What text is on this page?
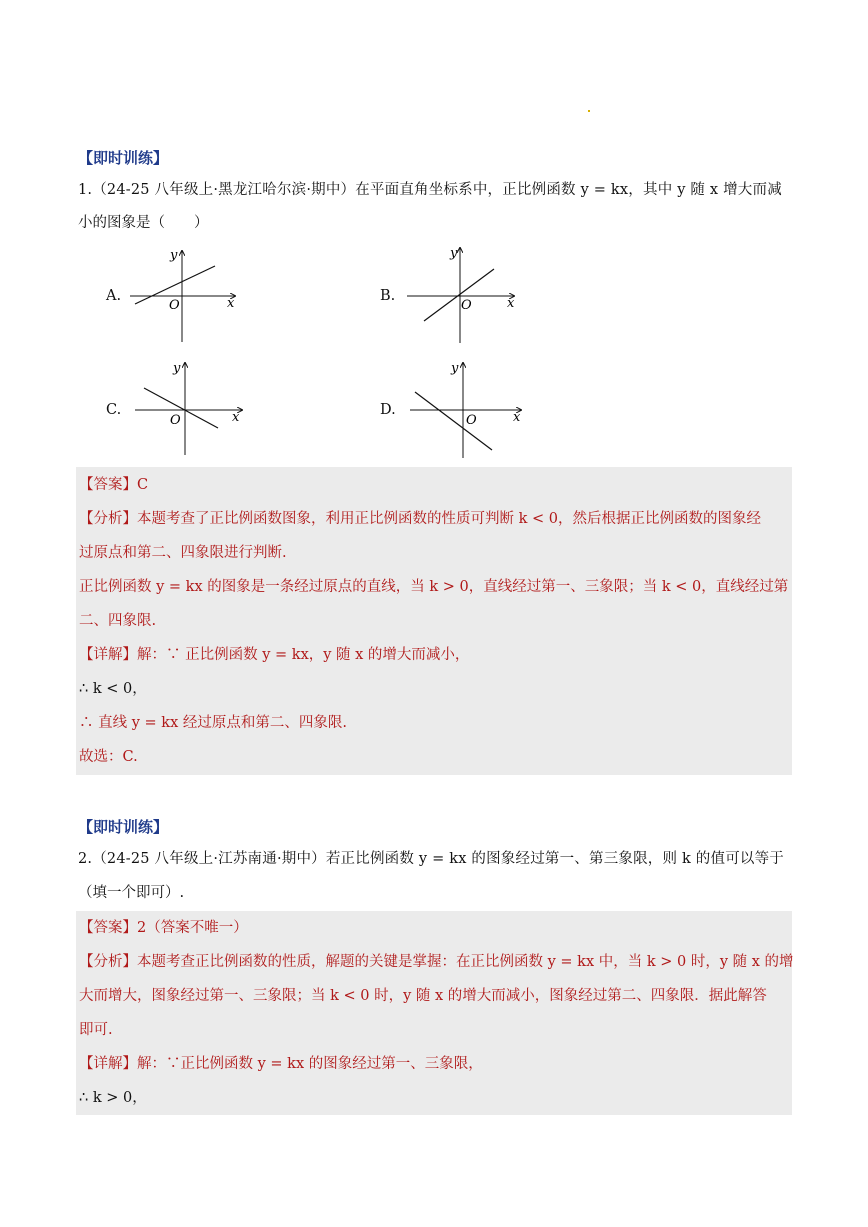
【即时训练】
1.（24-25 八年级上·黑龙江哈尔滨·期中）在平面直角坐标系中，正比例函数 y = kx，其中 y 随 x 增大而减
小的图象是（　　）
A.
y
O	x	B.
y
O	x
C.
y
O	x	D.
y
O	x
【答案】C
【分析】本题考查了正比例函数图象，利用正比例函数的性质可判断 k < 0，然后根据正比例函数的图象经
过原点和第二、四象限进行判断.
正比例函数 y = kx 的图象是一条经过原点的直线，当 k > 0，直线经过第一、三象限；当 k < 0，直线经过第
二、四象限.
【详解】解：∵ 正比例函数 y = kx，y 随 x 的增大而减小，
∴ k < 0，
∴ 直线 y = kx 经过原点和第二、四象限.
故选：C.
【即时训练】
2.（24-25 八年级上·江苏南通·期中）若正比例函数 y = kx 的图象经过第一、第三象限，则 k 的值可以等于
（填一个即可）.
【答案】2（答案不唯一）
【分析】本题考查正比例函数的性质，解题的关键是掌握：在正比例函数 y = kx 中，当 k > 0 时，y 随 x 的增
大而增大，图象经过第一、三象限；当 k < 0 时，y 随 x 的增大而减小，图象经过第二、四象限．据此解答
即可.
【详解】解：∵正比例函数 y = kx 的图象经过第一、三象限，
∴ k > 0，
